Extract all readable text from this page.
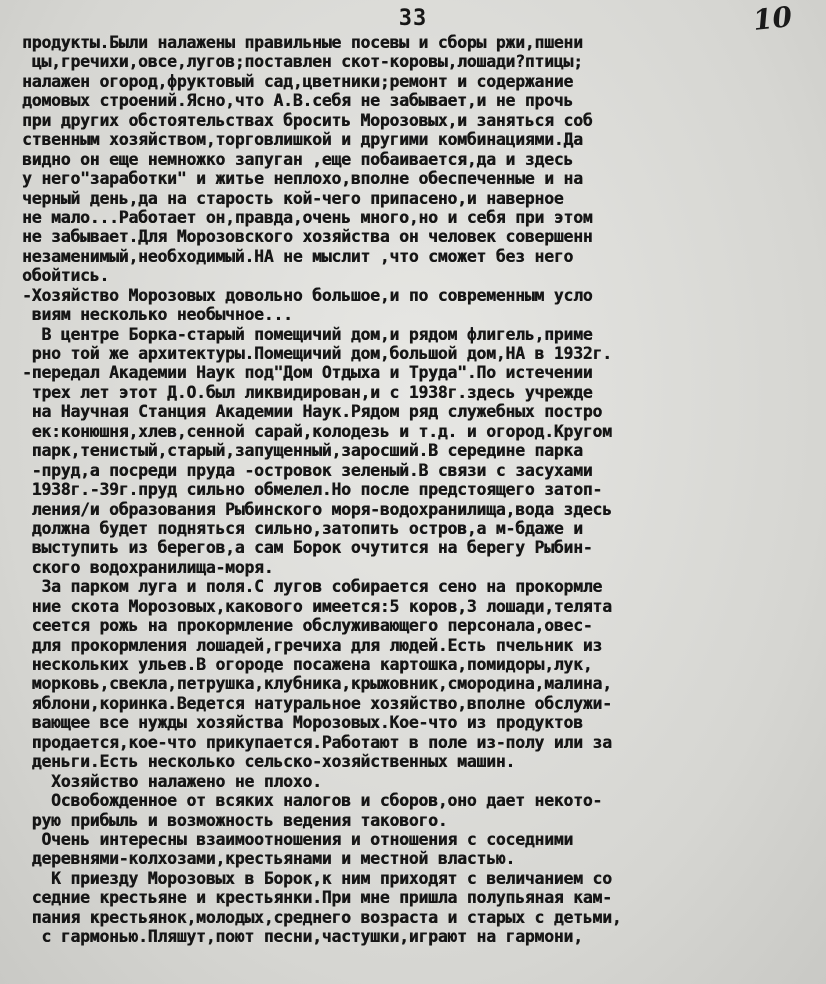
33	10
продукты.Были налажены правильные посевы и сборы ржи,пшени
цы,гречихи,овсе,лугов;поставлен скот-коровы,лошади?птицы;
налажен огород,фруктовый сад,цветники;ремонт и содержание
домовых строений.Ясно,что А.В.себя не забывает,и не прочь
при других обстоятельствах бросить Морозовых,и заняться соб
ственным хозяйством,торговлишкой и другими комбинациями.Да
видно он еще немножко запуган ,еще побаивается,да и здесь
у него"заработки" и житье неплохо,вполне обеспеченные и на
черный день,да на старость кой-чего припасено,и наверное
не мало...Работает он,правда,очень много,но и себя при этом
не забывает.Для Морозовского хозяйства он человек совершенн
незаменимый,необходимый.НА не мыслит ,что сможет без него
обойтись.
-Хозяйство Морозовых довольно большое,и по современным усло
виям несколько необычное...
В центре Борка-старый помещичий дом,и рядом флигель,приме
рно той же архитектуры.Помещичий дом,большой дом,НА в 1932г.
-передал Академии Наук под"Дом Отдыха и Труда".По истечении
трех лет этот Д.О.был ликвидирован,и с 1938г.здесь учрежде
на Научная Станция Академии Наук.Рядом ряд служебных постро
ек:конюшня,хлев,сенной сарай,колодезь и т.д. и огород.Кругом
парк,тенистый,старый,запущенный,заросший.В середине парка
-пруд,а посреди пруда -островок зеленый.В связи с засухами
1938г.-39г.пруд сильно обмелел.Но после предстоящего затоп-
ления/и образования Рыбинского моря-водохранилища,вода здесь
должна будет подняться сильно,затопить остров,а м-бдаже и
выступить из берегов,а сам Борок очутится на берегу Рыбин-
ского водохранилища-моря.
За парком луга и поля.С лугов собирается сено на прокормле
ние скота Морозовых,какового имеется:5 коров,3 лошади,телята
сеется рожь на прокормление обслуживающего персонала,овес-
для прокормления лошадей,гречиха для людей.Есть пчельник из
нескольких ульев.В огороде посажена картошка,помидоры,лук,
морковь,свекла,петрушка,клубника,крыжовник,смородина,малина,
яблони,коринка.Ведется натуральное хозяйство,вполне обслужи-
вающее все нужды хозяйства Морозовых.Кое-что из продуктов
продается,кое-что прикупается.Работают в поле из-полу или за
деньги.Есть несколько сельско-хозяйственных машин.
Хозяйство налажено не плохо.
Освобожденное от всяких налогов и сборов,оно дает некото-
рую прибыль и возможность ведения такового.
Очень интересны взаимоотношения и отношения с соседними
деревнями-колхозами,крестьянами и местной властью.
К приезду Морозовых в Борок,к ним приходят с величанием со
седние крестьяне и крестьянки.При мне пришла полупьяная кам-
пания крестьянок,молодых,среднего возраста и старых с детьми,
с гармонью.Пляшут,поют песни,частушки,играют на гармони,
